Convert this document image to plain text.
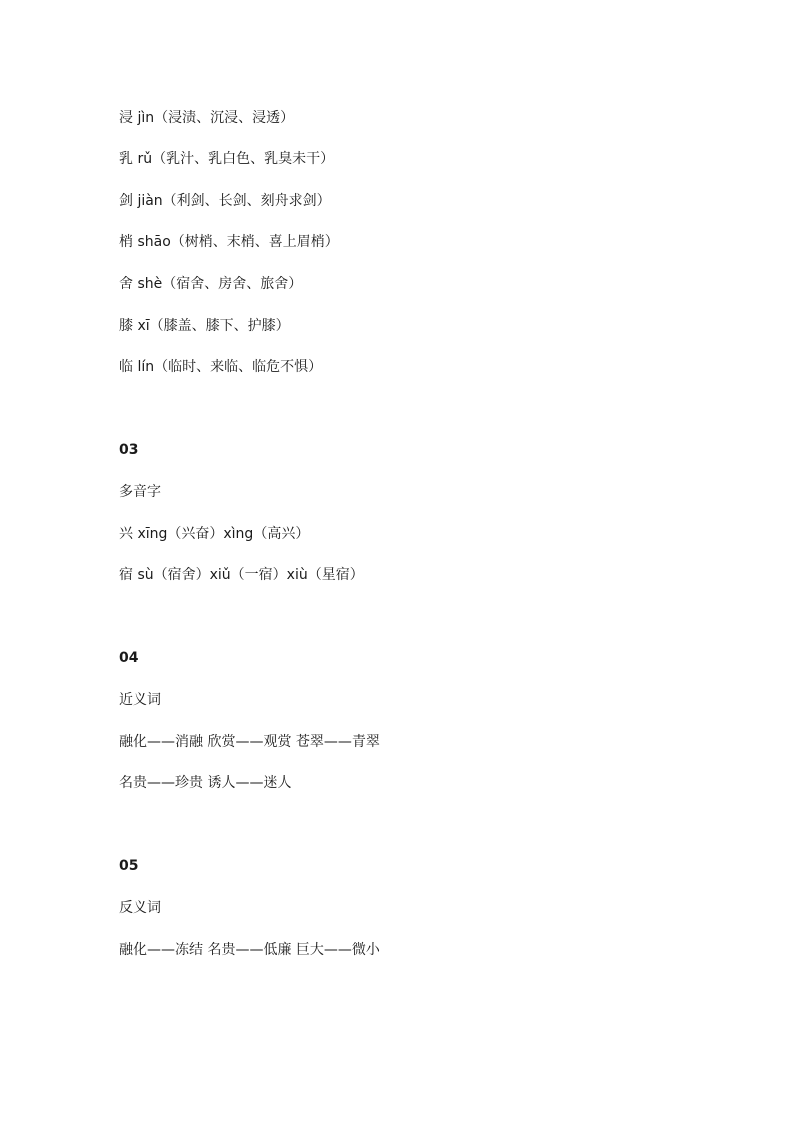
浸 jìn（浸渍、沉浸、浸透）
乳 rǔ（乳汁、乳白色、乳臭未干）
剑 jiàn（利剑、长剑、刻舟求剑）
梢 shāo（树梢、末梢、喜上眉梢）
舍 shè（宿舍、房舍、旅舍）
膝 xī（膝盖、膝下、护膝）
临 lín（临时、来临、临危不惧）
03
多音字
兴 xīng（兴奋）xìng（高兴）
宿 sù（宿舍）xiǔ（一宿）xiù（星宿）
04
近义词
融化——消融 欣赏——观赏 苍翠——青翠
名贵——珍贵 诱人——迷人
05
反义词
融化——冻结 名贵——低廉 巨大——微小
